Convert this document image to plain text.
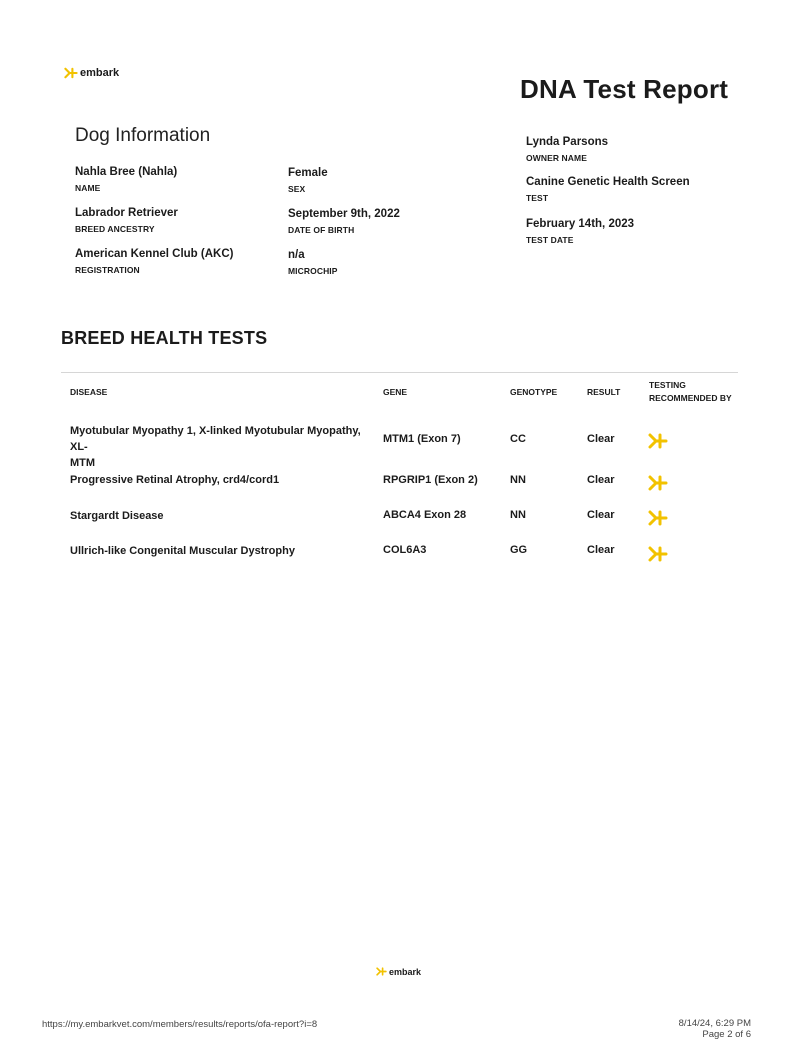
embark
DNA Test Report
Dog Information
Nahla Bree (Nahla)
NAME
Female
SEX
Labrador Retriever
BREED ANCESTRY
September 9th, 2022
DATE OF BIRTH
American Kennel Club (AKC)
REGISTRATION
n/a
MICROCHIP
Lynda Parsons
OWNER NAME
Canine Genetic Health Screen
TEST
February 14th, 2023
TEST DATE
BREED HEALTH TESTS
DISEASE	GENE	GENOTYPE	RESULT
TESTING
RECOMMENDED BY
Myotubular Myopathy 1, X-linked Myotubular Myopathy, XL-
MTM
MTM1 (Exon 7)	CC	Clear
Progressive Retinal Atrophy, crd4/cord1	RPGRIP1 (Exon 2)	NN	Clear
Stargardt Disease	ABCA4 Exon 28	NN	Clear
Ullrich-like Congenital Muscular Dystrophy	COL6A3	GG	Clear
embark
https://my.embarkvet.com/members/results/reports/ofa-report?i=8	8/14/24, 6:29 PM
Page 2 of 6
